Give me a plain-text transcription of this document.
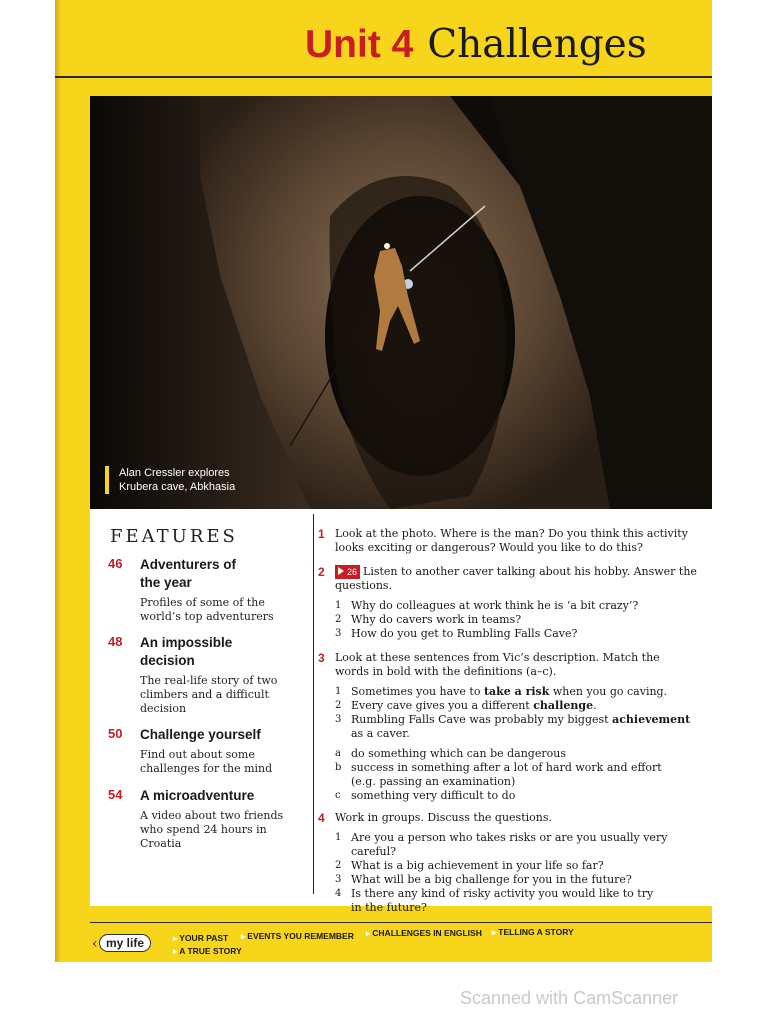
Unit 4 Challenges
Alan Cressler explores
Krubera cave, Abkhasia
FEATURES
46 Adventurers of
the year
Profiles of some of the
world’s top adventurers
48 An impossible
decision
The real-life story of two
climbers and a difficult
decision
50 Challenge yourself
Find out about some
challenges for the mind
54 A microadventure
A video about two friends
who spend 24 hours in
Croatia
1 Look at the photo. Where is the man? Do you think this activity
looks exciting or dangerous? Would you like to do this?
2	26 Listen to another caver talking about his hobby. Answer the
questions.
1 Why do colleagues at work think he is ‘a bit crazy’?
2 Why do cavers work in teams?
3 How do you get to Rumbling Falls Cave?
3 Look at these sentences from Vic’s description. Match the
words in bold with the definitions (a–c).
1 Sometimes you have to take a risk when you go caving.
2 Every cave gives you a different challenge.
3 Rumbling Falls Cave was probably my biggest achievement
as a caver.
a do something which can be dangerous
b success in something after a lot of hard work and effort
(e.g. passing an examination)
c something very difficult to do
4 Work in groups. Discuss the questions.
1 Are you a person who takes risks or are you usually very careful?
2 What is a big achievement in your life so far?
3 What will be a big challenge for you in the future?
4 Is there any kind of risky activity you would like to try
in the future?
‹ my life	▸ YOUR PAST ▸ EVENTS YOU REMEMBER ▸ CHALLENGES IN ENGLISH ▸ TELLING A STORY
▸ A TRUE STORY
Scanned with CamScanner
